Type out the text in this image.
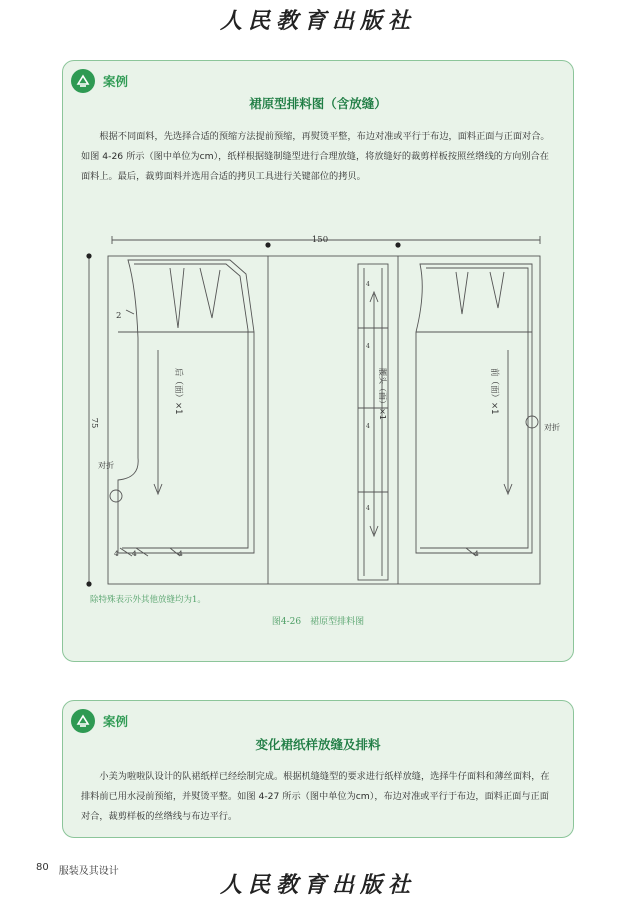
人民教育出版社
案例
裙原型排料图（含放缝）

根据不同面料，先选择合适的预缩方法提前预缩，再熨烫平整，布边对准或平行于布边，面料正面与正面对合。如图 4-26 所示（图中单位为cm），纸样根据缝制缝型进行合理放缝，将放缝好的裁剪样板按照丝绺线的方向别合在面料上。最后，裁剪面料并选用合适的拷贝工具进行关键部位的拷贝。

150
75
2
4 4	4	4
4
4
4
4
对折
对折
后（面）×1	前（面）×1
腰头（面）×1
除特殊表示外其他放缝均为1。
图4-26　裙原型排料图
案例
变化裙纸样放缝及排料

小美为啦啦队设计的队裙纸样已经绘制完成。根据机缝缝型的要求进行纸样放缝，选择牛仔面料和薄丝面料，在排料前已用水浸前预缩，并熨烫平整。如图 4-27 所示（图中单位为cm），布边对准或平行于布边，面料正面与正面对合，裁剪样板的丝绺线与布边平行。

80 服装及其设计
人民教育出版社
